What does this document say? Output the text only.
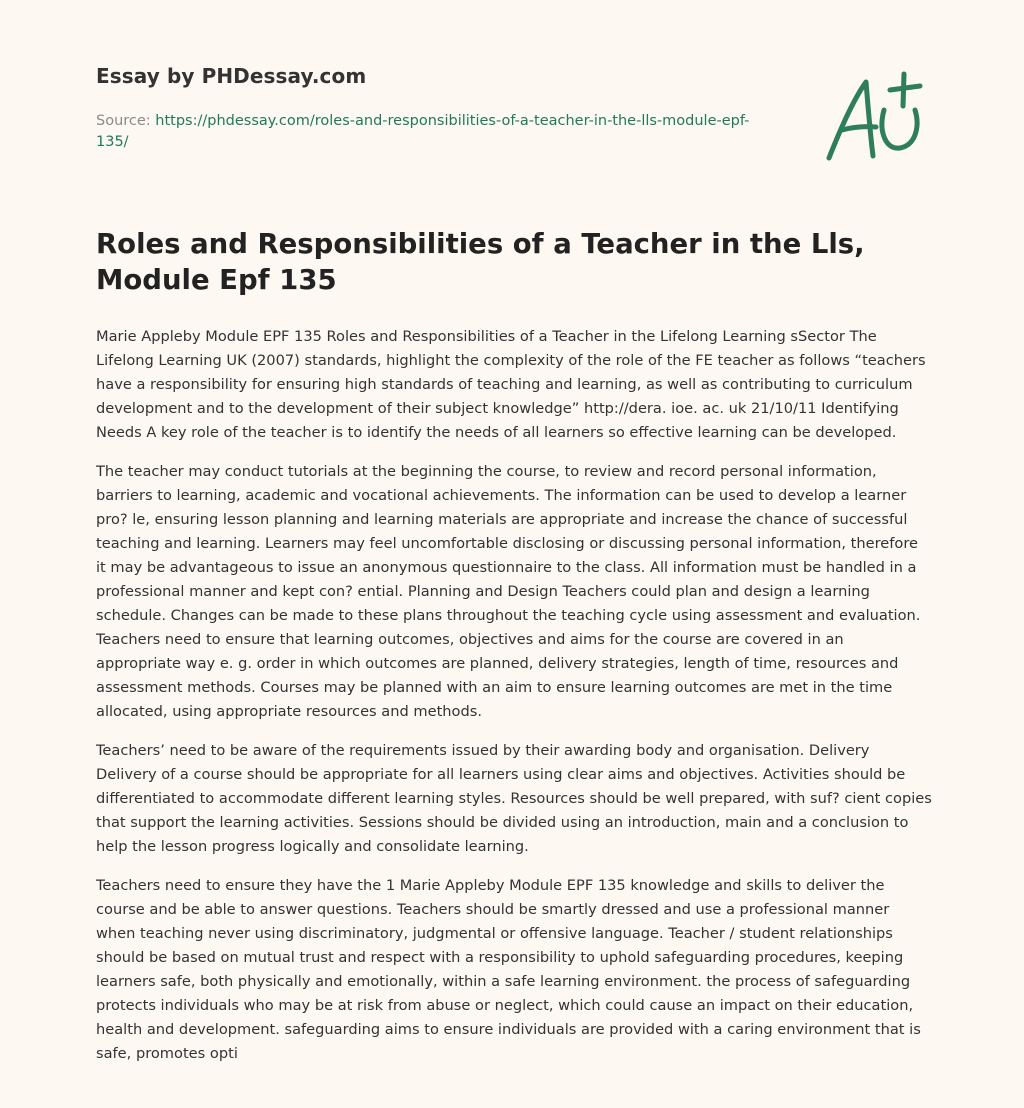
Essay by PHDessay.com
Source: https://phdessay.com/roles-and-responsibilities-of-a-teacher-in-the-lls-module-epf-135/
Roles and Responsibilities of a Teacher in the Lls, Module Epf 135

Marie Appleby Module EPF 135 Roles and Responsibilities of a Teacher in the Lifelong Learning sSector The Lifelong Learning UK (2007) standards, highlight the complexity of the role of the FE teacher as follows “teachers have a responsibility for ensuring high standards of teaching and learning, as well as contributing to curriculum development and to the development of their subject knowledge” http://dera. ioe. ac. uk 21/10/11 Identifying Needs A key role of the teacher is to identify the needs of all learners so effective learning can be developed.

The teacher may conduct tutorials at the beginning the course, to review and record personal information, barriers to learning, academic and vocational achievements. The information can be used to develop a learner pro? le, ensuring lesson planning and learning materials are appropriate and increase the chance of successful teaching and learning. Learners may feel uncomfortable disclosing or discussing personal information, therefore it may be advantageous to issue an anonymous questionnaire to the class. All information must be handled in a professional manner and kept con? ential. Planning and Design Teachers could plan and design a learning schedule. Changes can be made to these plans throughout the teaching cycle using assessment and evaluation. Teachers need to ensure that learning outcomes, objectives and aims for the course are covered in an appropriate way e. g. order in which outcomes are planned, delivery strategies, length of time, resources and assessment methods. Courses may be planned with an aim to ensure learning outcomes are met in the time allocated, using appropriate resources and methods.

Teachers’ need to be aware of the requirements issued by their awarding body and organisation. Delivery Delivery of a course should be appropriate for all learners using clear aims and objectives. Activities should be differentiated to accommodate different learning styles. Resources should be well prepared, with suf? cient copies that support the learning activities. Sessions should be divided using an introduction, main and a conclusion to help the lesson progress logically and consolidate learning.

Teachers need to ensure they have the 1 Marie Appleby Module EPF 135 knowledge and skills to deliver the course and be able to answer questions. Teachers should be smartly dressed and use a professional manner when teaching never using discriminatory, judgmental or offensive language. Teacher / student relationships should be based on mutual trust and respect with a responsibility to uphold safeguarding procedures, keeping learners safe, both physically and emotionally, within a safe learning environment. the process of safeguarding protects individuals who may be at risk from abuse or neglect, which could cause an impact on their education, health and development. safeguarding aims to ensure individuals are provided with a caring environment that is safe, promotes opti
